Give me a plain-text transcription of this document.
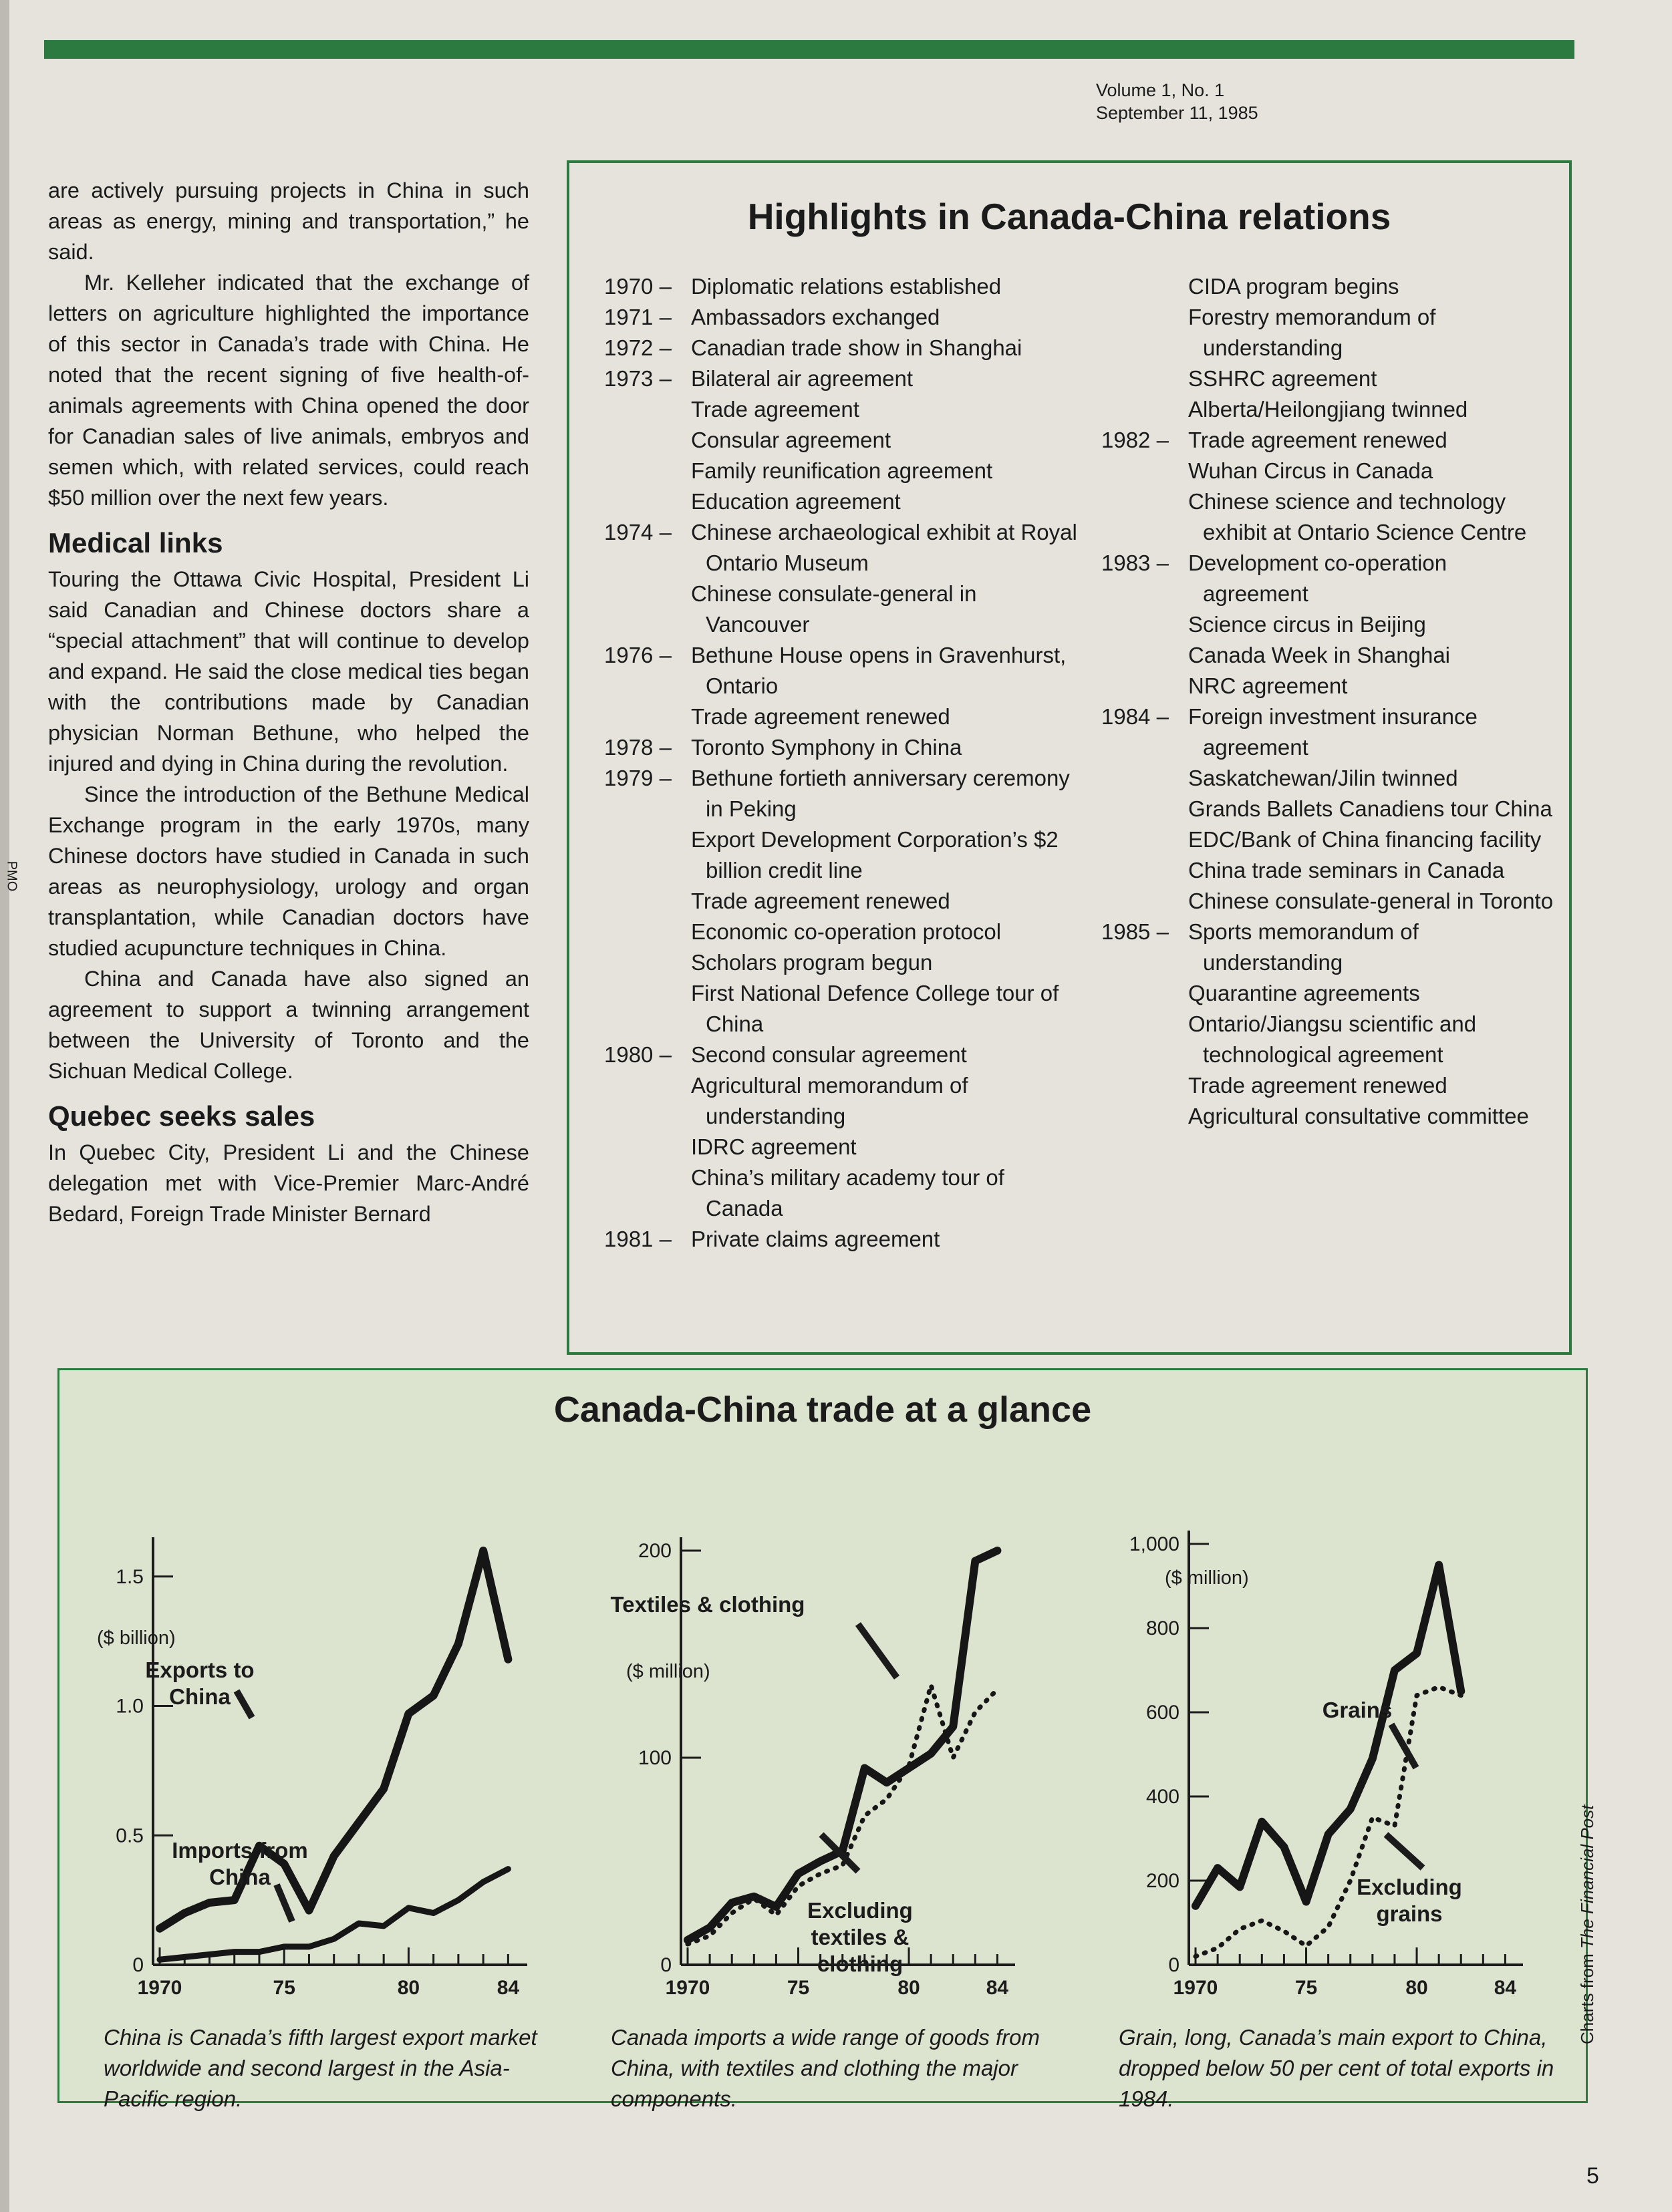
Volume 1, No. 1
September 11, 1985
PMO

are actively pursuing projects in China in such areas as energy, mining and transportation,” he said.

Mr. Kelleher indicated that the exchange of letters on agriculture highlighted the importance of this sector in Canada’s trade with China. He noted that the recent signing of five health-of-animals agreements with China opened the door for Canadian sales of live animals, embryos and semen which, with related services, could reach $50 million over the next few years.

Medical links

Touring the Ottawa Civic Hospital, President Li said Canadian and Chinese doctors share a “special attachment” that will continue to develop and expand. He said the close medical ties began with the contributions made by Canadian physician Norman Bethune, who helped the injured and dying in China during the revolution.

Since the introduction of the Bethune Medical Exchange program in the early 1970s, many Chinese doctors have studied in Canada in such areas as neurophysiology, urology and organ transplantation, while Canadian doctors have studied acupuncture techniques in China.

China and Canada have also signed an agreement to support a twinning arrangement between the University of Toronto and the Sichuan Medical College.

Quebec seeks sales

In Quebec City, President Li and the Chinese delegation met with Vice-Premier Marc-André Bedard, Foreign Trade Minister Bernard

Highlights in Canada-China relations
1970 – Diplomatic relations established
1971 – Ambassadors exchanged
1972 – Canadian trade show in Shanghai
1973 – Bilateral air agreement
Trade agreement
Consular agreement
Family reunification agreement
Education agreement
1974 – Chinese archaeological exhibit at Royal Ontario Museum
Chinese consulate-general in Vancouver
1976 – Bethune House opens in Gravenhurst, Ontario
Trade agreement renewed
1978 – Toronto Symphony in China
1979 – Bethune fortieth anniversary ceremony in Peking
Export Development Corporation’s $2 billion credit line
Trade agreement renewed
Economic co-operation protocol
Scholars program begun
First National Defence College tour of China
1980 – Second consular agreement
Agricultural memorandum of understanding
IDRC agreement
China’s military academy tour of Canada
1981 – Private claims agreement
CIDA program begins
Forestry memorandum of understanding
SSHRC agreement
Alberta/Heilongjiang twinned
1982 – Trade agreement renewed
Wuhan Circus in Canada
Chinese science and technology exhibit at Ontario Science Centre
1983 – Development co-operation agreement
Science circus in Beijing
Canada Week in Shanghai
NRC agreement
1984 – Foreign investment insurance agreement
Saskatchewan/Jilin twinned
Grands Ballets Canadiens tour China
EDC/Bank of China financing facility
China trade seminars in Canada
Chinese consulate-general in Toronto
1985 – Sports memorandum of understanding
Quarantine agreements
Ontario/Jiangsu scientific and technological agreement
Trade agreement renewed
Agricultural consultative committee
Canada-China trade at a glance
0
0.5
1.0
1.5
1970	75	80	84
($ billion)
Exports to China
Imports from China
0
100
200
1970	75	80	84
($ million)
Textiles & clothing
Excluding textiles & clothing	0
200
400
600
800
1,000
1970	75	80	84
($ million)
Grains
Excluding grains
China is Canada’s fifth largest export market worldwide and second largest in the Asia-Pacific region.
Canada imports a wide range of goods from China, with textiles and clothing the major components.
Grain, long, Canada’s main export to China, dropped below 50 per cent of total exports in 1984.
Charts from The Financial Post
5
